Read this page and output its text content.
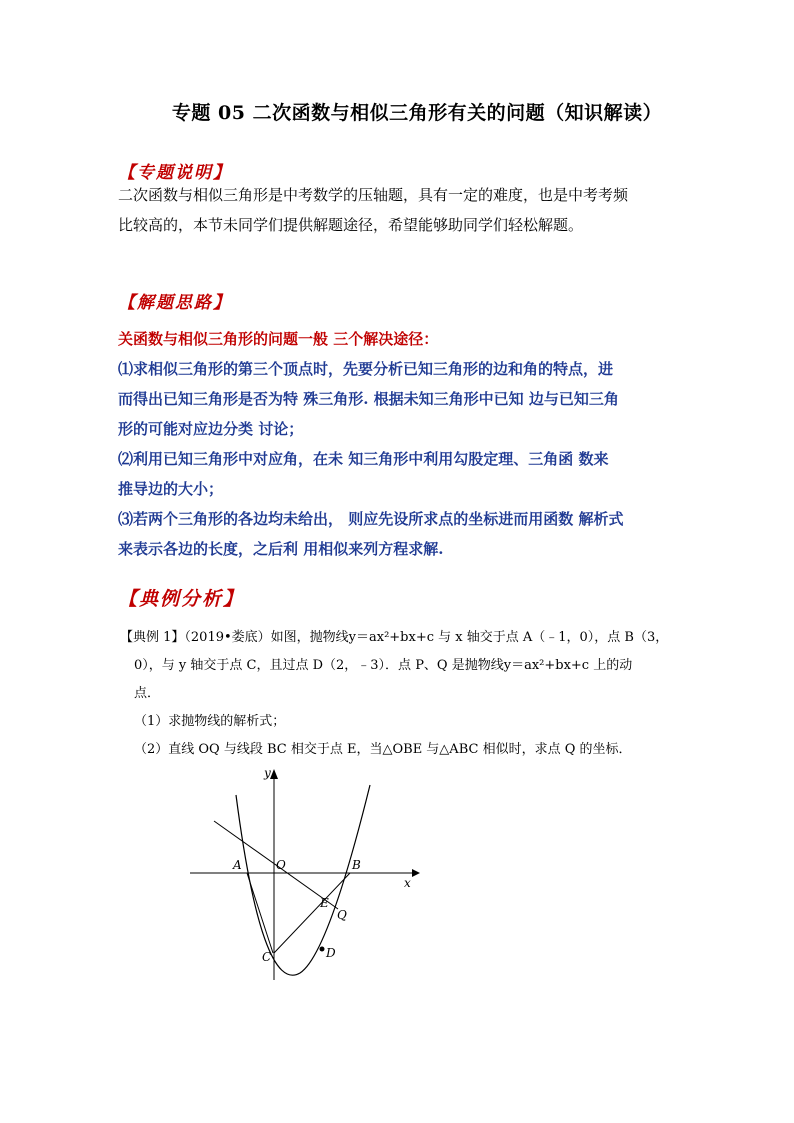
专题 05 二次函数与相似三角形有关的问题（知识解读）
【专题说明】
二次函数与相似三角形是中考数学的压轴题，具有一定的难度，也是中考考频
比较高的，本节未同学们提供解题途径，希望能够助同学们轻松解题。
【解题思路】
关函数与相似三角形的问题一般 三个解决途径：
⑴求相似三角形的第三个顶点时，先要分析已知三角形的边和角的特点，进
而得出已知三角形是否为特 殊三角形. 根据未知三角形中已知 边与已知三角
形的可能对应边分类 讨论；
⑵利用已知三角形中对应角，在未 知三角形中利用勾股定理、三角函 数来
推导边的大小；
⑶若两个三角形的各边均未给出， 则应先设所求点的坐标进而用函数 解析式
来表示各边的长度，之后利 用相似来列方程求解.
【典例分析】
【典例 1】（2019•娄底）如图，抛物线y＝ax²+bx+c 与 x 轴交于点 A（﹣1，0），点 B（3，
0），与 y 轴交于点 C，且过点 D（2，﹣3）．点 P、Q 是抛物线y＝ax²+bx+c 上的动
点．
（1）求抛物线的解析式；
（2）直线 OQ 与线段 BC 相交于点 E，当△OBE 与△ABC 相似时，求点 Q 的坐标．
y
x
A	O	B
E
Q
C	D
